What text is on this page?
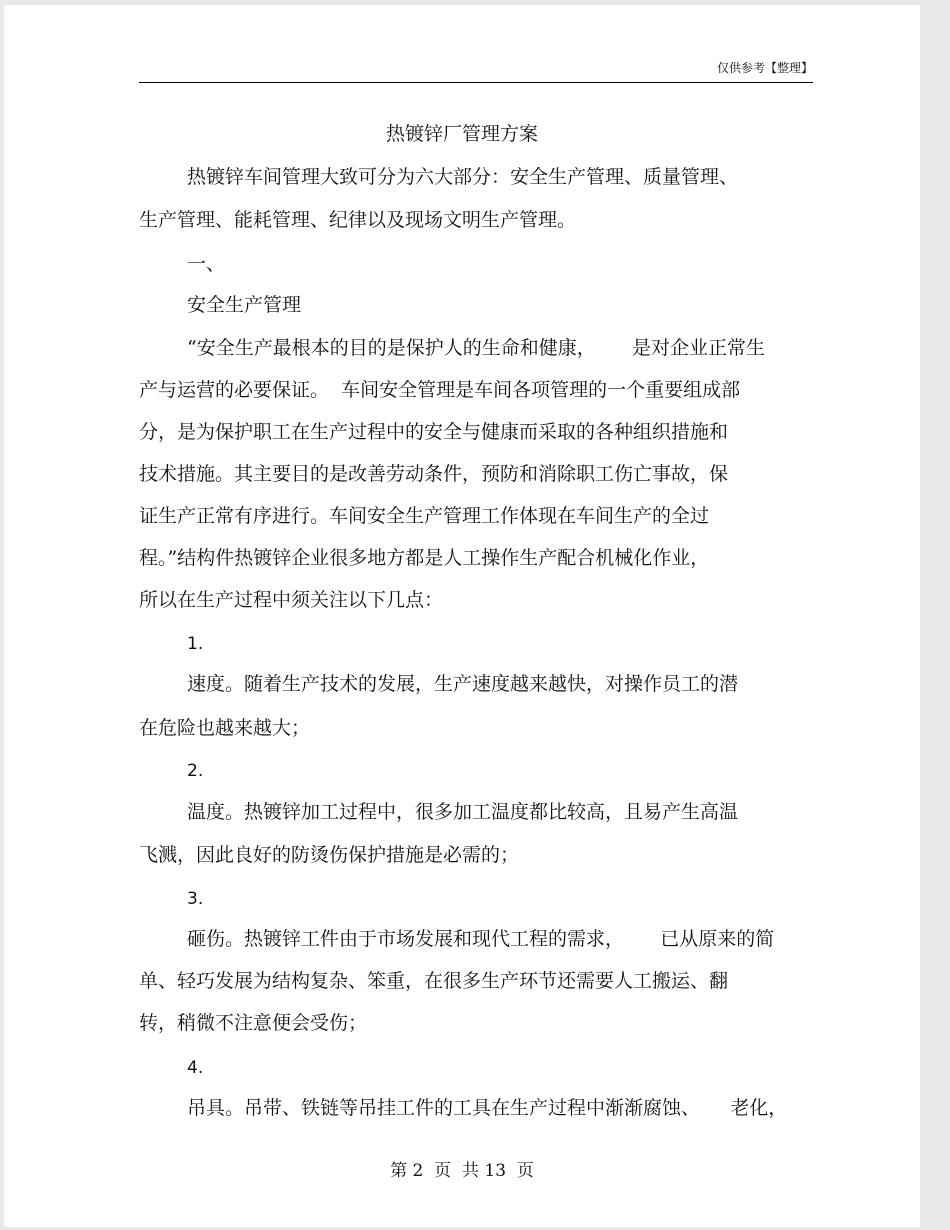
仅供参考【整理】
热镀锌厂管理方案
热镀锌车间管理大致可分为六大部分：安全生产管理、质量管理、
生产管理、能耗管理、纪律以及现场文明生产管理。
一、
安全生产管理
“安全生产最根本的目的是保护人的生命和健康，      是对企业正常生
产与运营的必要保证。  车间安全管理是车间各项管理的一个重要组成部
分，是为保护职工在生产过程中的安全与健康而采取的各种组织措施和
技术措施。其主要目的是改善劳动条件，预防和消除职工伤亡事故，保
证生产正常有序进行。车间安全生产管理工作体现在车间生产的全过
程。”结构件热镀锌企业很多地方都是人工操作生产配合机械化作业，
所以在生产过程中须关注以下几点：
1.
速度。随着生产技术的发展，生产速度越来越快，对操作员工的潜
在危险也越来越大；
2.
温度。热镀锌加工过程中，很多加工温度都比较高，且易产生高温
飞溅，因此良好的防烫伤保护措施是必需的；
3.
砸伤。热镀锌工件由于市场发展和现代工程的需求，      已从原来的简
单、轻巧发展为结构复杂、笨重，在很多生产环节还需要人工搬运、翻
转，稍微不注意便会受伤；
4.
吊具。吊带、铁链等吊挂工件的工具在生产过程中渐渐腐蚀、     老化，
第 2  页  共 13  页
